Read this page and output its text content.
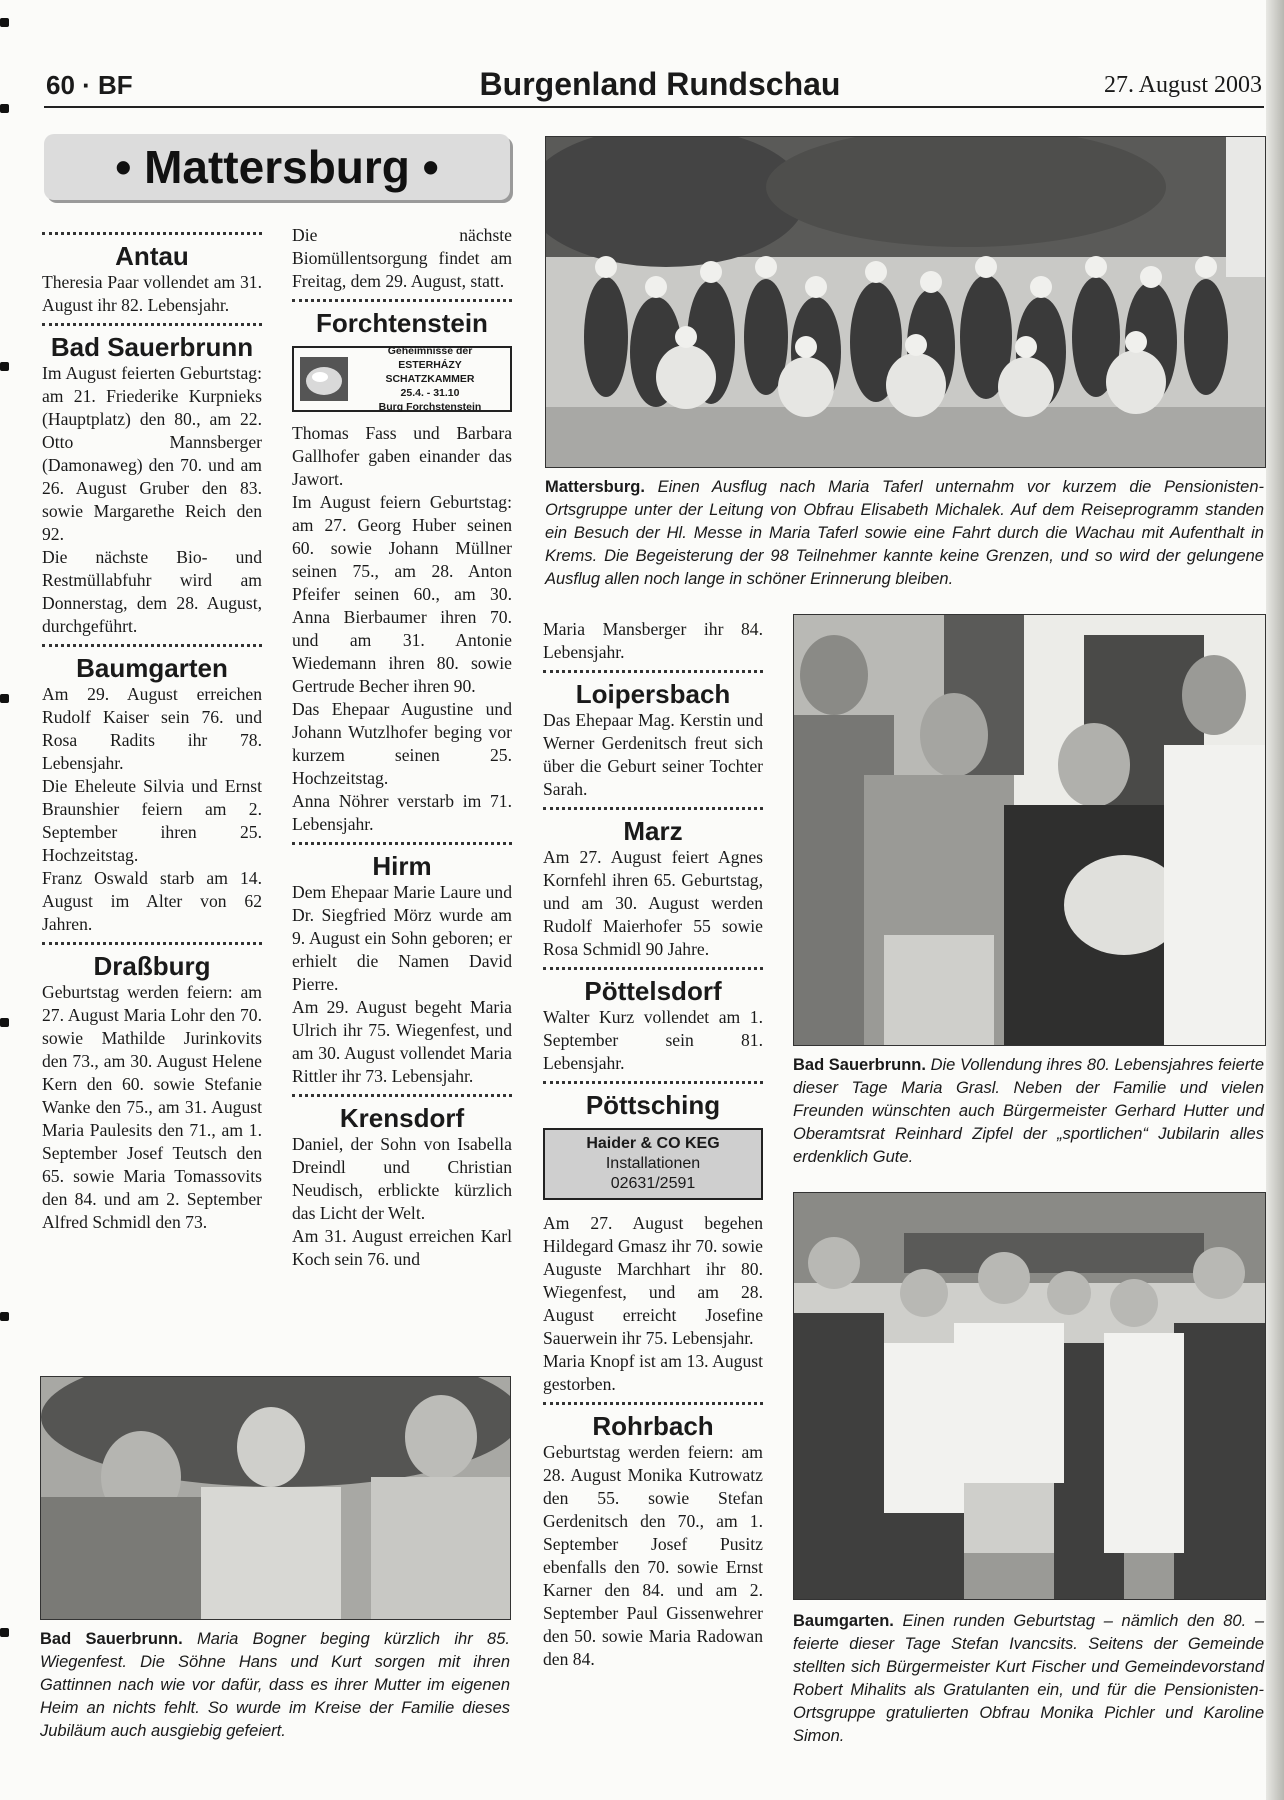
60 · BF	Burgenland Rundschau	27. August 2003
• Mattersburg •
Antau

Theresia Paar vollendet am 31. August ihr 82. Lebensjahr.

Bad Sauerbrunn

Im August feierten Geburtstag: am 21. Friederike Kurpnieks (Hauptplatz) den 80., am 22. Otto Mannsberger (Damonaweg) den 70. und am 26. August Gruber den 83. sowie Margarethe Reich den 92.

Die nächste Bio- und Restmüllabfuhr wird am Donnerstag, dem 28. August, durchgeführt.

Baumgarten

Am 29. August erreichen Rudolf Kaiser sein 76. und Rosa Radits ihr 78. Lebensjahr.

Die Eheleute Silvia und Ernst Braunshier feiern am 2. September ihren 25. Hochzeitstag.

Franz Oswald starb am 14. August im Alter von 62 Jahren.

Draßburg

Geburtstag werden feiern: am 27. August Maria Lohr den 70. sowie Mathilde Jurinkovits den 73., am 30. August Helene Kern den 60. sowie Stefanie Wanke den 75., am 31. August Maria Paulesits den 71., am 1. September Josef Teutsch den 65. sowie Maria Tomassovits den 84. und am 2. September Alfred Schmidl den 73.

Die nächste Biomüllentsorgung findet am Freitag, dem 29. August, statt.

Forchtenstein
Geheimnisse der
ESTERHÁZY SCHATZKAMMER
25.4. - 31.10
Burg Forchstenstein

Thomas Fass und Barbara Gallhofer gaben einander das Jawort.

Im August feiern Geburtstag: am 27. Georg Huber seinen 60. sowie Johann Müllner seinen 75., am 28. Anton Pfeifer seinen 60., am 30. Anna Bierbaumer ihren 70. und am 31. Antonie Wiedemann ihren 80. sowie Gertrude Becher ihren 90.

Das Ehepaar Augustine und Johann Wutzlhofer beging vor kurzem seinen 25. Hochzeitstag.

Anna Nöhrer verstarb im 71. Lebensjahr.

Hirm

Dem Ehepaar Marie Laure und Dr. Siegfried Mörz wurde am 9. August ein Sohn geboren; er erhielt die Namen David Pierre.

Am 29. August begeht Maria Ulrich ihr 75. Wiegenfest, und am 30. August vollendet Maria Rittler ihr 73. Lebensjahr.

Krensdorf

Daniel, der Sohn von Isabella Dreindl und Christian Neudisch, erblickte kürzlich das Licht der Welt.

Am 31. August erreichen Karl Koch sein 76. und

Maria Mansberger ihr 84. Lebensjahr.

Loipersbach

Das Ehepaar Mag. Kerstin und Werner Gerdenitsch freut sich über die Geburt seiner Tochter Sarah.

Marz

Am 27. August feiert Agnes Kornfehl ihren 65. Geburtstag, und am 30. August werden Rudolf Maierhofer 55 sowie Rosa Schmidl 90 Jahre.

Pöttelsdorf

Walter Kurz vollendet am 1. September sein 81. Lebensjahr.

Pöttsching
Haider & CO KEG
Installationen
02631/2591

Am 27. August begehen Hildegard Gmasz ihr 70. sowie Auguste Marchhart ihr 80. Wiegenfest, und am 28. August erreicht Josefine Sauerwein ihr 75. Lebensjahr.

Maria Knopf ist am 13. August gestorben.

Rohrbach

Geburtstag werden feiern: am 28. August Monika Kutrowatz den 55. sowie Stefan Gerdenitsch den 70., am 1. September Josef Pusitz ebenfalls den 70. sowie Ernst Karner den 84. und am 2. September Paul Gissenwehrer den 50. sowie Maria Radowan den 84.

Mattersburg. Einen Ausflug nach Maria Taferl unternahm vor kurzem die Pensionisten-Ortsgruppe unter der Leitung von Obfrau Elisabeth Michalek. Auf dem Reiseprogramm standen ein Besuch der Hl. Messe in Maria Taferl sowie eine Fahrt durch die Wachau mit Aufenthalt in Krems. Die Begeisterung der 98 Teilnehmer kannte keine Grenzen, und so wird der gelungene Ausflug allen noch lange in schöner Erinnerung bleiben.
Bad Sauerbrunn. Die Vollendung ihres 80. Lebensjahres feierte dieser Tage Maria Grasl. Neben der Familie und vielen Freunden wünschten auch Bürgermeister Gerhard Hutter und Oberamtsrat Reinhard Zipfel der „sportlichen“ Jubilarin alles erdenklich Gute.
Baumgarten. Einen runden Geburtstag – nämlich den 80. – feierte dieser Tage Stefan Ivancsits. Seitens der Gemeinde stellten sich Bürgermeister Kurt Fischer und Gemeindevorstand Robert Mihalits als Gratulanten ein, und für die Pensionisten-Ortsgruppe gratulierten Obfrau Monika Pichler und Karoline Simon.
Bad Sauerbrunn. Maria Bogner beging kürzlich ihr 85. Wiegenfest. Die Söhne Hans und Kurt sorgen mit ihren Gattinnen nach wie vor dafür, dass es ihrer Mutter im eigenen Heim an nichts fehlt. So wurde im Kreise der Familie dieses Jubiläum auch ausgiebig gefeiert.
